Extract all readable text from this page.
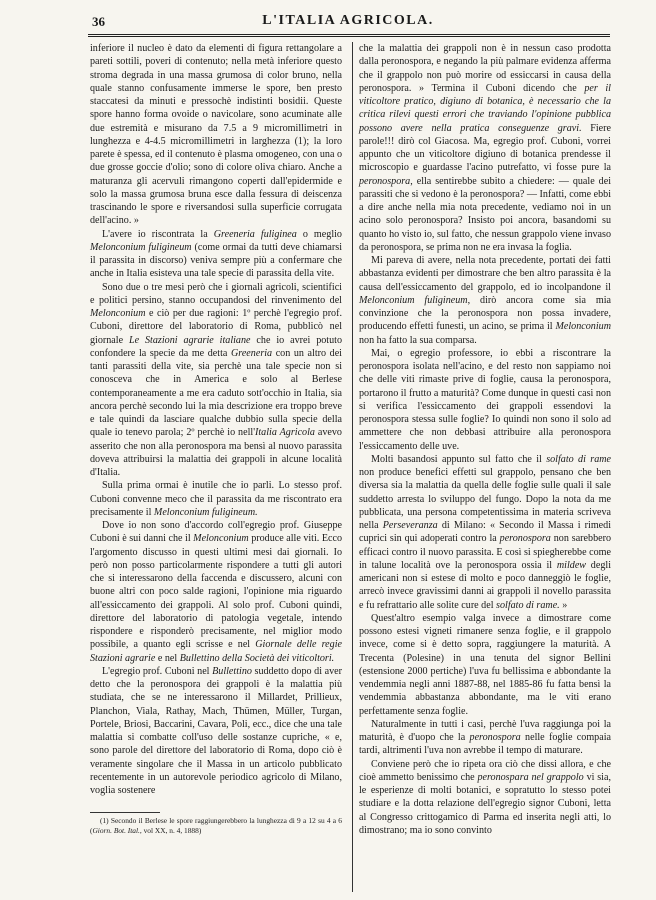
36	L'ITALIA AGRICOLA.

inferiore il nucleo è dato da elementi di figura rettangolare a pareti sottili, poveri di contenuto; nella metà inferiore questo stroma degrada in una massa grumosa di color bruno, nella quale stanno confusamente immerse le spore, ben presto staccatesi da minuti e pressochè indistinti bosidii. Queste spore hanno forma ovoide o navicolare, sono acuminate alle due estremità e misurano da 7.5 a 9 micromillimetri in lunghezza e 4-4.5 micromillimetri in larghezza (1); la loro parete è spessa, ed il contenuto è plasma omogeneo, con una o due grosse goccie d'olio; sono di colore oliva chiaro. Anche a maturanza gli acervuli rimangono coperti dall'epidermide e solo la massa grumosa bruna esce dalla fessura di deiscenza trascinando le spore e riversandosi sulla superficie corrugata dell'acino. »

L'avere io riscontrata la Greeneria fuliginea o meglio Melonconium fuliginеum (come ormai da tutti deve chiamarsi il parassita in discorso) veniva sempre più a confermare che anche in Italia esisteva una tale specie di parassita della vite.

Sono due o tre mesi però che i giornali agricoli, scientifici e politici persino, stanno occupandosi del rinvenimento del Melonconium e ciò per due ragioni: 1º perchè l'egregio prof. Cuboni, direttore del laboratorio di Roma, pubblicò nel giornale Le Stazioni agrarie italiane che io avrei potuto confondere la specie da me detta Greeneria con un altro dei tanti parassiti della vite, sia perchè una tale specie non si conosceva che in America e solo al Berlese contemporaneamente a me era caduto sott'occhio in Italia, sia ancora perchè secondo lui la mia descrizione era troppo breve e tale quindi da lasciare qualche dubbio sulla specie della quale io tenevo parola; 2º perchè io nell'Italia Agricola avevo asserito che non alla peronospora ma bensì al nuovo parassita doveva attribuirsi la malattia dei grappoli in alcune località d'Italia.

Sulla prima ormai è inutile che io parli. Lo stesso prof. Cuboni convenne meco che il parassita da me riscontrato era precisamente il Melonconium fuliginеum.

Dove io non sono d'accordo coll'egregio prof. Giuseppe Cuboni è sui danni che il Melonconium produce alle viti. Ecco l'argomento discusso in questi ultimi mesi dai giornali. Io però non posso particolarmente rispondere a tutti gli autori che si interessarono della faccenda e discussero, alcuni con buone altri con poco salde ragioni, l'opinione mia riguardo all'essiccamento dei grappoli. Al solo prof. Cuboni quindi, direttore del laboratorio di patologia vegetale, intendo rispondere e risponderò precisamente, nel miglior modo possibile, a quanto egli scrisse e nel Giornale delle regie Stazioni agrarie e nel Bullettino della Società dei viticoltori.

L'egregio prof. Cuboni nel Bullettino suddetto dopo di aver detto che la peronospora dei grappoli è la malattia più studiata, che se ne interessarono il Millardet, Prillieux, Planchon, Viala, Rathay, Mach, Thümen, Müller, Turgan, Portele, Briosi, Baccarini, Cavara, Poli, ecc., dice che una tale malattia si combatte coll'uso delle sostanze cupriche, « e, sono parole del direttore del laboratorio di Roma, dopo ciò è veramente singolare che il Massa in un articolo pubblicato recentemente in un autorevole periodico agricolo di Milano, voglia sostenere

(1) Secondo il Berlese le spore raggiungerebbero la lunghezza di 9 a 12 su 4 a 6 (Giorn. Bot. Ital., vol XX, n. 4, 1888)

che la malattia dei grappoli non è in nessun caso prodotta dalla peronospora, e negando la più palmare evidenza afferma che il grappolo non può morire od essiccarsi in causa della peronospora. » Termina il Cuboni dicendo che per il viticoltore pratico, digiuno di botanica, è necessario che la critica rilevi questi errori che traviando l'opinione pubblica possono avere nella pratica conseguenze gravi. Fiere parole!!! dirò col Giacosa. Ma, egregio prof. Cuboni, vorrei appunto che un viticoltore digiuno di botanica prendesse il microscopio e guardasse l'acino putrefatto, vi fosse pure la peronospora, ella sentirebbe subito a chiedere: — quale dei parassiti che si vedono è la peronospora? — Infatti, come ebbi a dire anche nella mia nota precedente, vediamo noi in un acino solo peronospora? Insisto poi ancora, basandomi su quanto ho visto io, sul fatto, che nessun grappolo viene invaso da peronospora, se prima non ne era invasa la foglia.

Mi pareva di avere, nella nota precedente, portati dei fatti abbastanza evidenti per dimostrare che ben altro parassita è la causa dell'essiccamento del grappolo, ed io incolpandone il Melonconium fuliginеum, dirò ancora come sia mia convinzione che la peronospora non possa invadere, producendo effetti funesti, un acino, se prima il Melonconium non ha fatto la sua comparsa.

Mai, o egregio professore, io ebbi a riscontrare la peronospora isolata nell'acino, e del resto non sappiamo noi che delle viti rimaste prive di foglie, causa la peronospora, portarono il frutto a maturità? Come dunque in questi casi non si verifica l'essiccamento dei grappoli essendovi la peronospora stessa sulle foglie? Io quindi non sono il solo ad ammettere che non debbasi attribuire alla peronospora l'essiccamento delle uve.

Molti basandosi appunto sul fatto che il solfato di rame non produce benefici effetti sul grappolo, pensano che ben diversa sia la malattia da quella delle foglie sulle quali il sale suddetto arresta lo sviluppo del fungo. Dopo la nota da me pubblicata, una persona competentissima in materia scriveva nella Perseveranza di Milano: « Secondo il Massa i rimedi cuprici sin qui adoperati contro la peronospora non sarebbero efficaci contro il nuovo parassita. E così si spiegherebbe come in talune località ove la peronospora ossia il mildew degli americani non si estese di molto e poco danneggiò le foglie, arrecò invece gravissimi danni ai grappoli il novello parassita e fu refrattario alle solite cure del solfato di rame. »

Quest'altro esempio valga invece a dimostrare come possono estesi vigneti rimanere senza foglie, e il grappolo invece, come si è detto sopra, raggiungere la maturità. A Trecenta (Polesine) in una tenuta del signor Bellini (estensione 2000 pertiche) l'uva fu bellissima e abbondante la vendemmia negli anni 1887-88, nel 1885-86 fu fatta bensì la vendemmia abbastanza abbondante, ma le viti erano perfettamente senza foglie.

Naturalmente in tutti i casi, perchè l'uva raggiunga poi la maturità, è d'uopo che la peronospora nelle foglie compaia tardi, altrimenti l'uva non avrebbe il tempo di maturare.

Conviene però che io ripeta ora ciò che dissi allora, e che cioè ammetto benissimo che peronospara nel grappolo vi sia, le esperienze di molti botanici, e sopratutto lo stesso potei studiare e la dotta relazione dell'egregio signor Cuboni, letta al Congresso crittogamico di Parma ed inserita negli atti, lo dimostrano; ma io sono convinto
